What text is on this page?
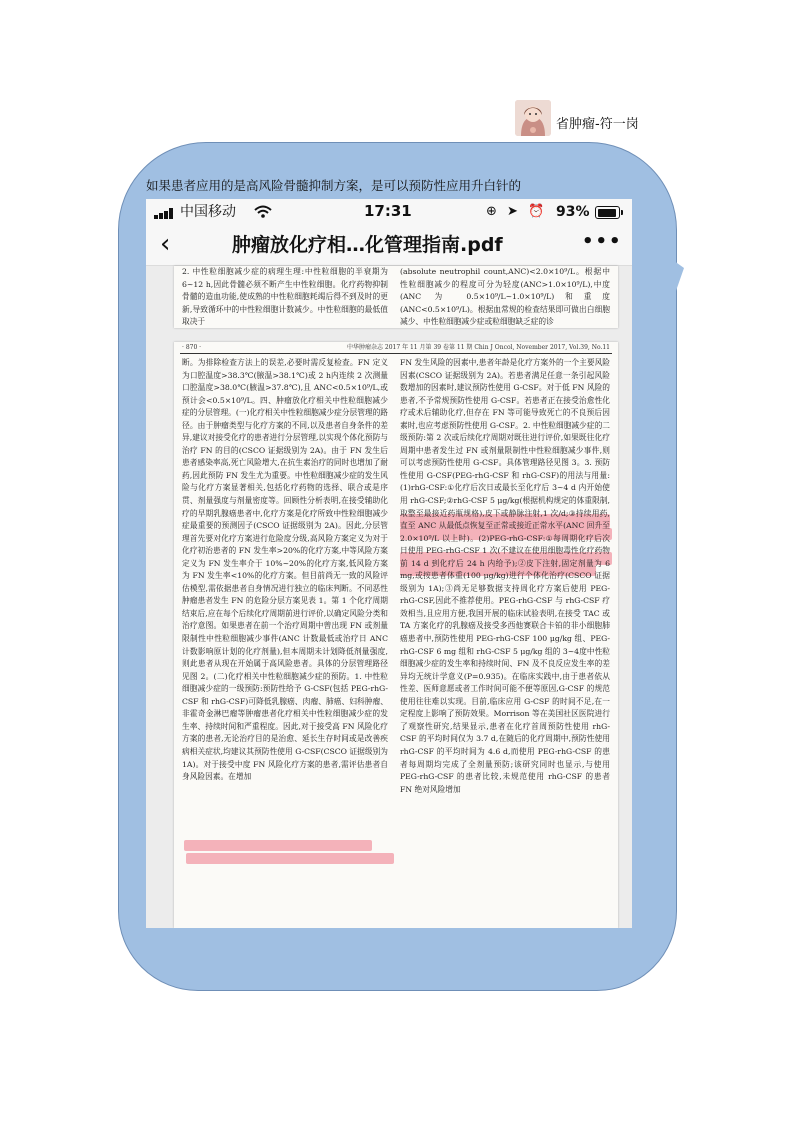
省肿瘤-符一岗
如果患者应用的是高风险骨髓抑制方案，是可以预防性应用升白针的
中国移动	17:31	⊕ ➤ ⏰ 93%
‹	肿瘤放化疗相…化管理指南.pdf	•••
2. 中性粒细胞减少症的病理生理:中性粒细胞的半衰期为 6~12 h,因此骨髓必须不断产生中性粒细胞。化疗药物抑制骨髓的造血功能,使成熟的中性粒细胞耗竭后得不到及时的更新,导致循环中的中性粒细胞计数减少。中性粒细胞的最低值取决于
(absolute neutrophil count,ANC)<2.0×10⁹/L。根据中性粒细胞减少的程度可分为轻度(ANC>1.0×10⁹/L),中度(ANC 为 0.5×10⁹/L~1.0×10⁹/L)和重度(ANC<0.5×10⁹/L)。根据血常规的检查结果即可做出白细胞减少、中性粒细胞减少症或粒细胞缺乏症的诊
· 870 ·	中华肿瘤杂志 2017 年 11 月第 39 卷第 11 期 Chin J Oncol, November 2017, Vol.39, No.11
断。为排除检查方法上的误差,必要时需反复检查。FN 定义为口腔温度>38.3℃(腋温>38.1℃)或 2 h内连续 2 次测量口腔温度>38.0℃(腋温>37.8℃),且 ANC<0.5×10⁹/L,或预计会<0.5×10⁹/L。四、肿瘤放化疗相关中性粒细胞减少症的分层管理。(一)化疗相关中性粒细胞减少症分层管理的路径。由于肿瘤类型与化疗方案的不同,以及患者自身条件的差异,建议对接受化疗的患者进行分层管理,以实现个体化预防与治疗 FN 的目的(CSCO 证据级别为 2A)。由于 FN 发生后患者感染率高,死亡风险增大,在抗生素治疗的同时也增加了耐药,因此预防 FN 发生尤为重要。中性粒细胞减少症的发生风险与化疗方案显著相关,包括化疗药物的选择、联合或是序贯、剂量强度与剂量密度等。回顾性分析表明,在接受辅助化疗的早期乳腺癌患者中,化疗方案是化疗所致中性粒细胞减少症最重要的预测因子(CSCO 证据级别为 2A)。因此,分层管理首先要对化疗方案进行危险度分级,高风险方案定义为对于化疗初治患者的 FN 发生率>20%的化疗方案,中等风险方案定义为 FN 发生率介于 10%~20%的化疗方案,低风险方案为 FN 发生率<10%的化疗方案。但目前尚无一致的风险评估模型,需依据患者自身情况进行独立的临床判断。不同恶性肿瘤患者发生 FN 的危险分层方案见表 1。第 1 个化疗周期结束后,应在每个后续化疗周期前进行评价,以确定风险分类和治疗意图。如果患者在前一个治疗周期中曾出现 FN 或剂量限制性中性粒细胞减少事件(ANC 计数最低或治疗日 ANC 计数影响原计划的化疗剂量),但本周期未计划降低剂量强度,则此患者从现在开始属于高风险患者。具体的分层管理路径见图 2。(二)化疗相关中性粒细胞减少症的预防。1. 中性粒细胞减少症的一级预防:预防性给予 G-CSF(包括 PEG-rhG-CSF 和 rhG-CSF)可降低乳腺癌、肉瘤、肺癌、妇科肿瘤、非霍奇金淋巴瘤等肿瘤患者化疗相关中性粒细胞减少症的发生率、持续时间和严重程度。因此,对于接受高 FN 风险化疗方案的患者,无论治疗目的是治愈、延长生存时间或是改善疾病相关症状,均建议其预防性使用 G-CSF(CSCO 证据级别为 1A)。对于接受中度 FN 风险化疗方案的患者,需评估患者自身风险因素。在增加
FN 发生风险的因素中,患者年龄是化疗方案外的一个主要风险因素(CSCO 证据级别为 2A)。若患者满足任意一条引起风险数增加的因素时,建议预防性使用 G-CSF。对于低 FN 风险的患者,不予常规预防性使用 G-CSF。若患者正在接受治愈性化疗或术后辅助化疗,但存在 FN 等可能导致死亡的不良预后因素时,也应考虑预防性使用 G-CSF。2. 中性粒细胞减少症的二级预防:第 2 次或后续化疗周期对既往进行评价,如果既往化疗周期中患者发生过 FN 或剂量限制性中性粒细胞减少事件,则可以考虑预防性使用 G-CSF。具体管理路径见图 3。3. 预防性使用 G-CSF(PEG-rhG-CSF 和 rhG-CSF)的用法与用量:(1)rhG-CSF:①化疗后次日或最长至化疗后 3~4 d 内开始使用 rhG-CSF;②rhG-CSF 5 μg/kg(根据机构规定的体重限制,取整至最接近药瓶规格),皮下或静脉注射,1 次/d;③持续用药,直至 ANC 从最低点恢复至正常或接近正常水平(ANC 回升至 2.0×10⁹/L 以上时)。(2)PEG-rhG-CSF:①每周期化疗后次日使用 PEG-rhG-CSF 1 次(不建议在使用细胞毒性化疗药物前 14 d 到化疗后 24 h 内给予);②皮下注射,固定剂量为 6 mg,或按患者体重(100 μg/kg)进行个体化治疗(CSCO 证据级别为 1A);③尚无足够数据支持周化疗方案后使用 PEG-rhG-CSF,因此不推荐使用。PEG-rhG-CSF 与 rhG-CSF 疗效相当,且应用方便,我国开展的临床试验表明,在接受 TAC 或 TA 方案化疗的乳腺癌及接受多西他赛联合卡铂的非小细胞肺癌患者中,预防性使用 PEG-rhG-CSF 100 μg/kg 组、PEG-rhG-CSF 6 mg 组和 rhG-CSF 5 μg/kg 组的 3~4度中性粒细胞减少症的发生率和持续时间、FN 及不良反应发生率的差异均无统计学意义(P=0.935)。在临床实践中,由于患者依从性差、医师意愿或者工作时间可能不便等原因,G-CSF 的规范使用往往难以实现。目前,临床应用 G-CSF 的时间不足,在一定程度上影响了预防效果。Morrison 等在美国社区医院进行了观察性研究,结果显示,患者在化疗首周预防性使用 rhG-CSF 的平均时间仅为 3.7 d,在随后的化疗周期中,预防性使用 rhG-CSF 的平均时间为 4.6 d,而使用 PEG-rhG-CSF 的患者每周期均完成了全剂量预防;该研究同时也显示,与使用 PEG-rhG-CSF 的患者比较,未规范使用 rhG-CSF 的患者 FN 绝对风险增加
